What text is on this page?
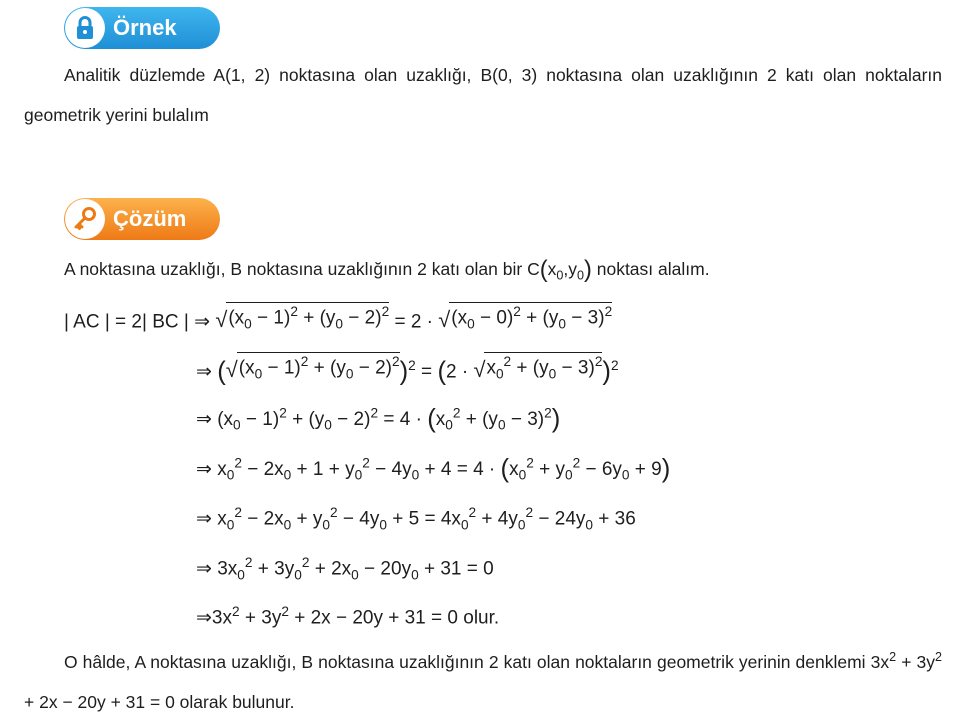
Örnek

Analitik düzlemde A(1, 2) noktasına olan uzaklığı, B(0, 3) noktasına olan uzaklığının 2 katı olan noktaların geometrik yerini bulalım

Çözüm
A noktasına uzaklığı, B noktasına uzaklığının 2 katı olan bir $C(x_0,y_0)$ noktası alalım.
| AC | = 2| BC | ⇒ √ $(x_0 - 1)^2 + (y_0 - 2)^2 = 2$ · √ $(x_0 - 0)^2 + (y_0 - 3)^2$
⇒ ( √ $(x_0 - 1)^2 + (y_0 - 2)^2$ )$^2$ = (2 · √ $x_0^2 + (y_0 - 3)^2$ )$^2$
⇒ $(x_0 - 1)^2 + (y_0 - 2)^2 = 4 \cdot (x_0^2 + (y_0 - 3)^2)$
⇒ $x_0^2 - 2x_0 + 1 + y_0^2 - 4y_0 + 4 = 4 \cdot (x_0^2 + y_0^2 - 6y_0 + 9)$
⇒ $x_0^2 - 2x_0 + y_0^2 - 4y_0 + 5 = 4x_0^2 + 4y_0^2 - 24y_0 + 36$
⇒ $3x_0^2 + 3y_0^2 + 2x_0 - 20y_0 + 31 = 0$
$\Rightarrow 3x^2 + 3y^2 + 2x - 20y + 31 = 0$ olur.

O hâlde, A noktasına uzaklığı, B noktasına uzaklığının 2 katı olan noktaların geometrik yerinin denklemi $3x^2 + 3y^2 + 2x - 20y + 31 = 0$ olarak bulunur.
